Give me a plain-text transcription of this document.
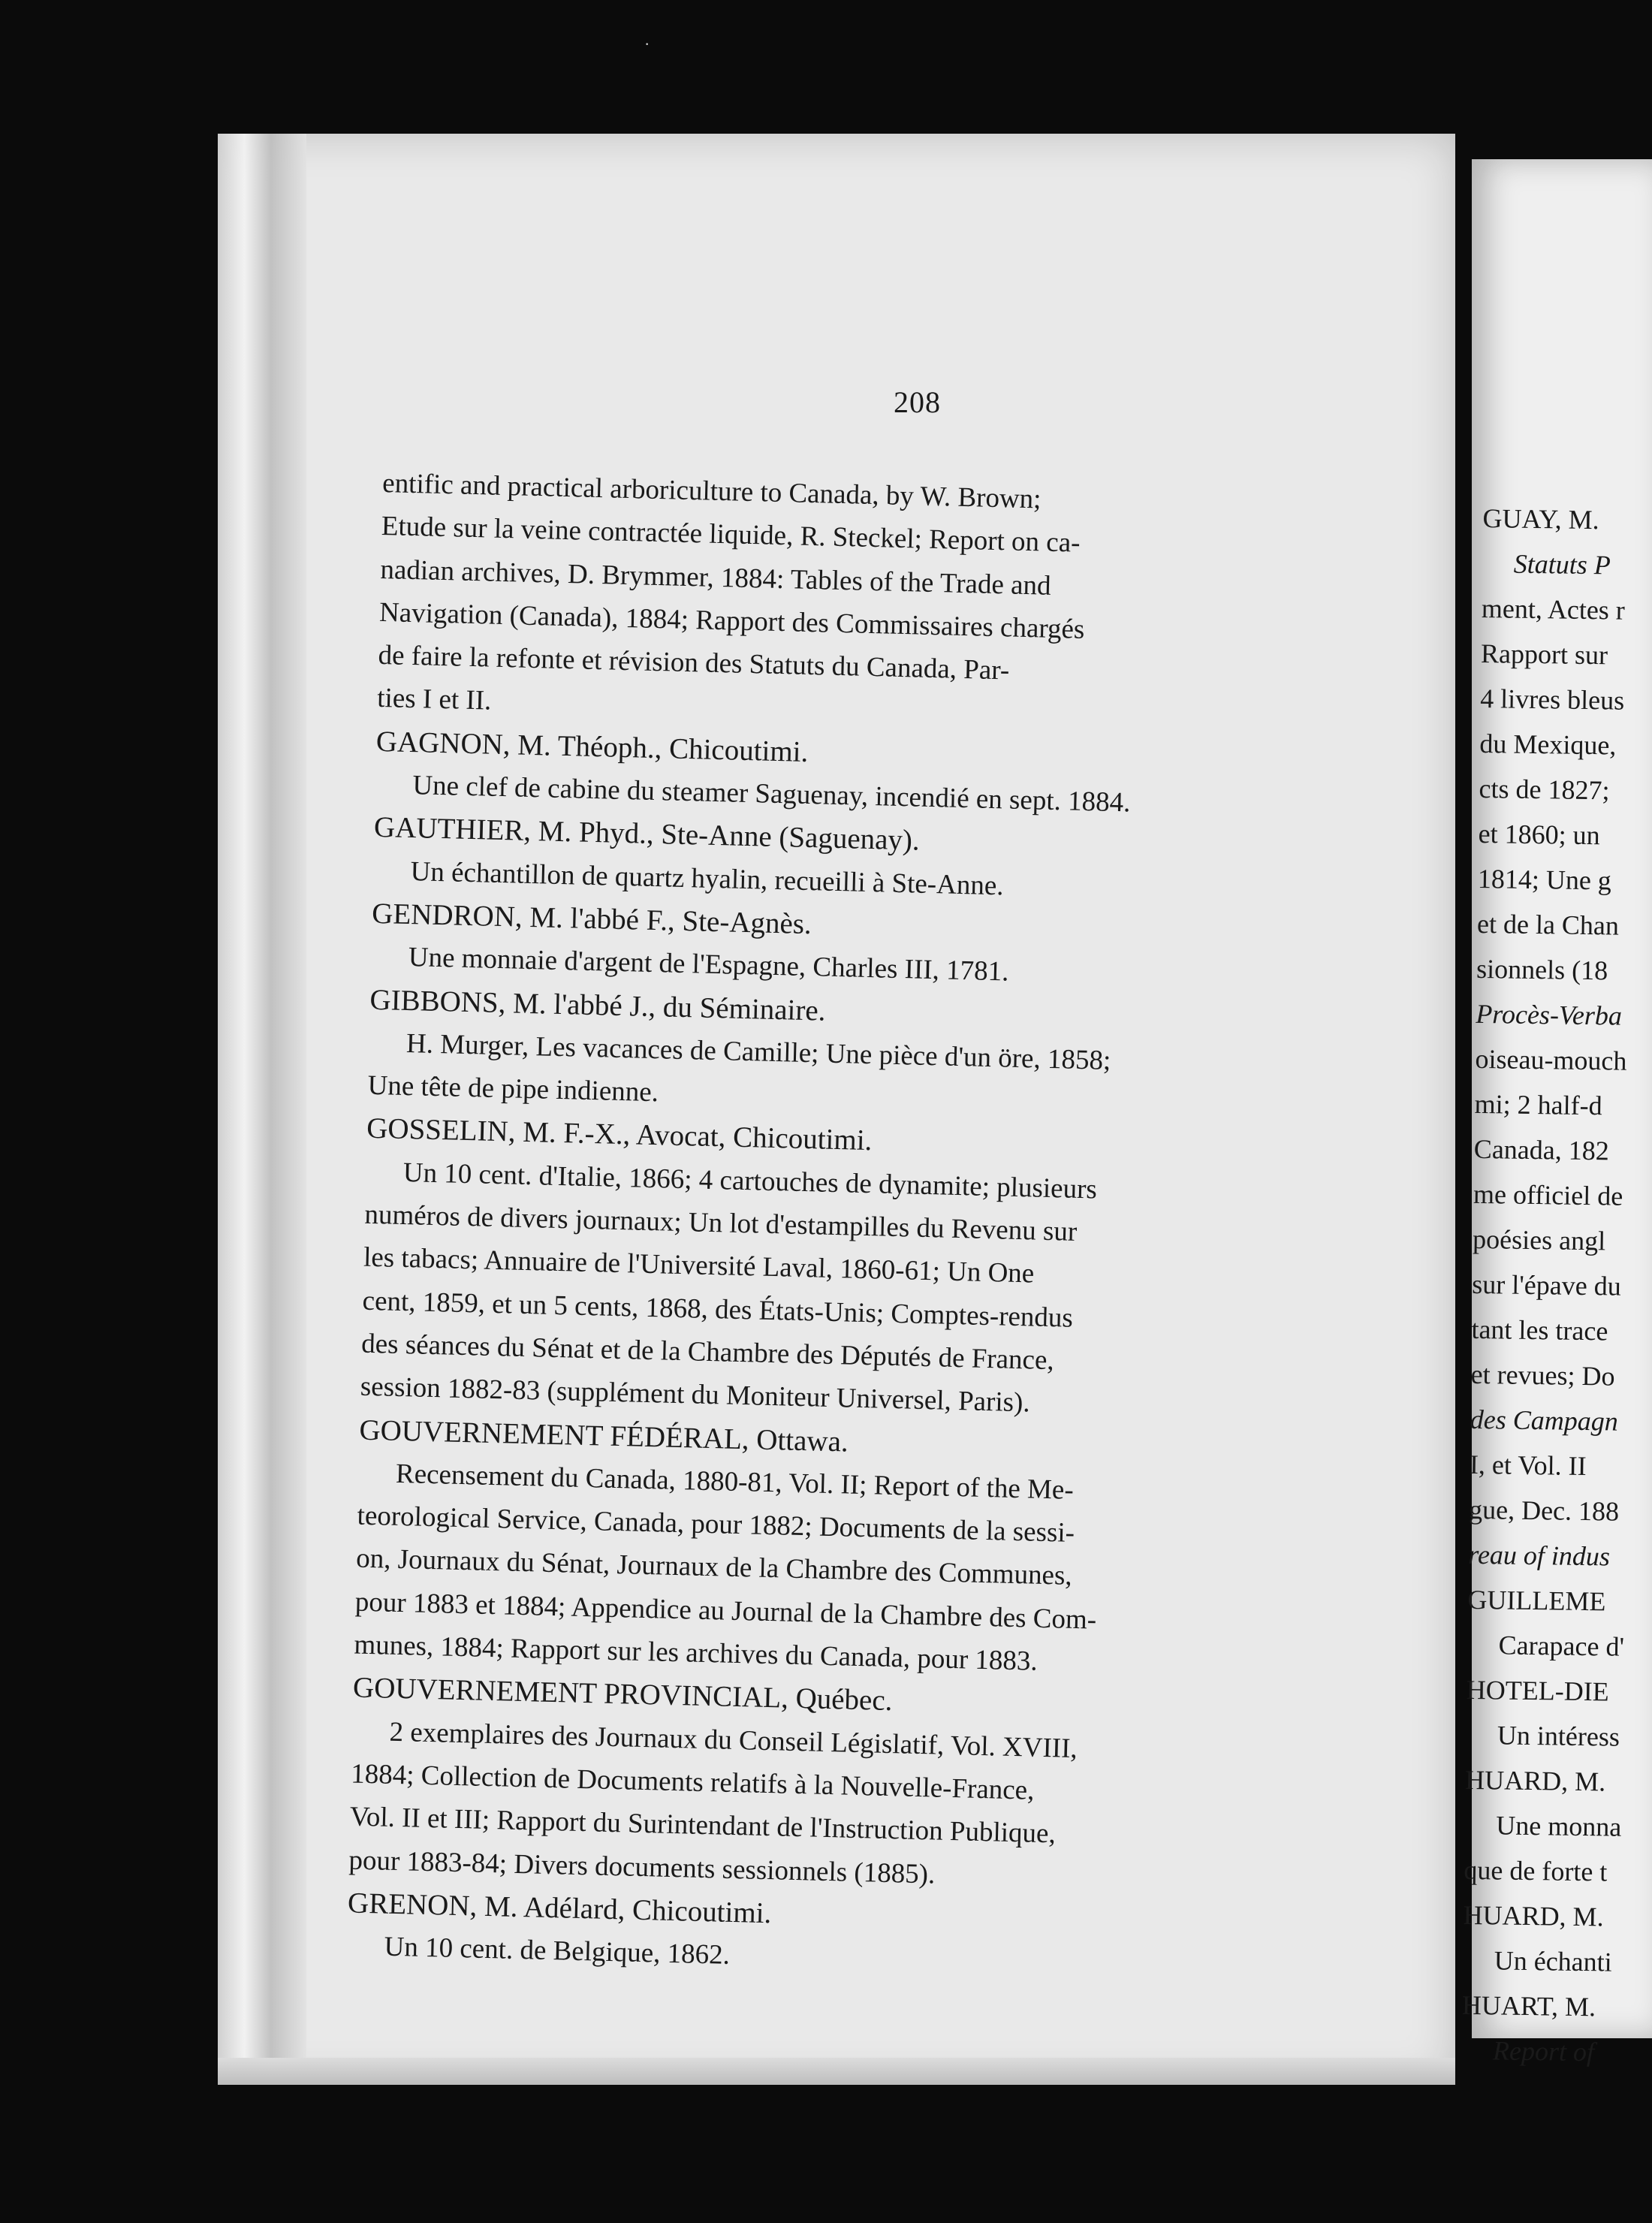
·
208
entific and practical arboriculture to Canada, by W. Brown;
Etude sur la veine contractée liquide, R. Steckel; Report on ca-
nadian archives, D. Brymmer, 1884: Tables of the Trade and
Navigation (Canada), 1884; Rapport des Commissaires chargés
de faire la refonte et révision des Statuts du Canada, Par-
ties I et II.
GAGNON, M. Théoph., Chicoutimi.
Une clef de cabine du steamer Saguenay, incendié en sept. 1884.
GAUTHIER, M. Phyd., Ste-Anne (Saguenay).
Un échantillon de quartz hyalin, recueilli à Ste-Anne.
GENDRON, M. l'abbé F., Ste-Agnès.
Une monnaie d'argent de l'Espagne, Charles III, 1781.
GIBBONS, M. l'abbé J., du Séminaire.
H. Murger, Les vacances de Camille; Une pièce d'un öre, 1858;
Une tête de pipe indienne.
GOSSELIN, M. F.-X., Avocat, Chicoutimi.
Un 10 cent. d'Italie, 1866; 4 cartouches de dynamite; plusieurs
numéros de divers journaux; Un lot d'estampilles du Revenu sur
les tabacs; Annuaire de l'Université Laval, 1860-61; Un One
cent, 1859, et un 5 cents, 1868, des États-Unis; Comptes-rendus
des séances du Sénat et de la Chambre des Députés de France,
session 1882-83 (supplément du Moniteur Universel, Paris).
GOUVERNEMENT FÉDÉRAL, Ottawa.
Recensement du Canada, 1880-81, Vol. II; Report of the Me-
teorological Service, Canada, pour 1882; Documents de la sessi-
on, Journaux du Sénat, Journaux de la Chambre des Communes,
pour 1883 et 1884; Appendice au Journal de la Chambre des Com-
munes, 1884; Rapport sur les archives du Canada, pour 1883.
GOUVERNEMENT PROVINCIAL, Québec.
2 exemplaires des Journaux du Conseil Législatif, Vol. XVIII,
1884; Collection de Documents relatifs à la Nouvelle-France,
Vol. II et III; Rapport du Surintendant de l'Instruction Publique,
pour 1883-84; Divers documents sessionnels (1885).
GRENON, M. Adélard, Chicoutimi.
Un 10 cent. de Belgique, 1862.
GUAY, M.
Statuts P
ment, Actes r
Rapport sur
4 livres bleus
du Mexique,
cts de 1827;
et 1860; un
1814; Une g
et de la Chan
sionnels (18
Procès-Verba
oiseau-mouch
mi; 2 half-d
Canada, 182
me officiel de
poésies angl
sur l'épave du
tant les trace
et revues; Do
des Campagn
I, et Vol. II
gue, Dec. 188
reau of indus
GUILLEME
Carapace d'
HOTEL-DIE
Un intéress
HUARD, M.
Une monna
que de forte t
HUARD, M.
Un échanti
HUART, M.
Report of
